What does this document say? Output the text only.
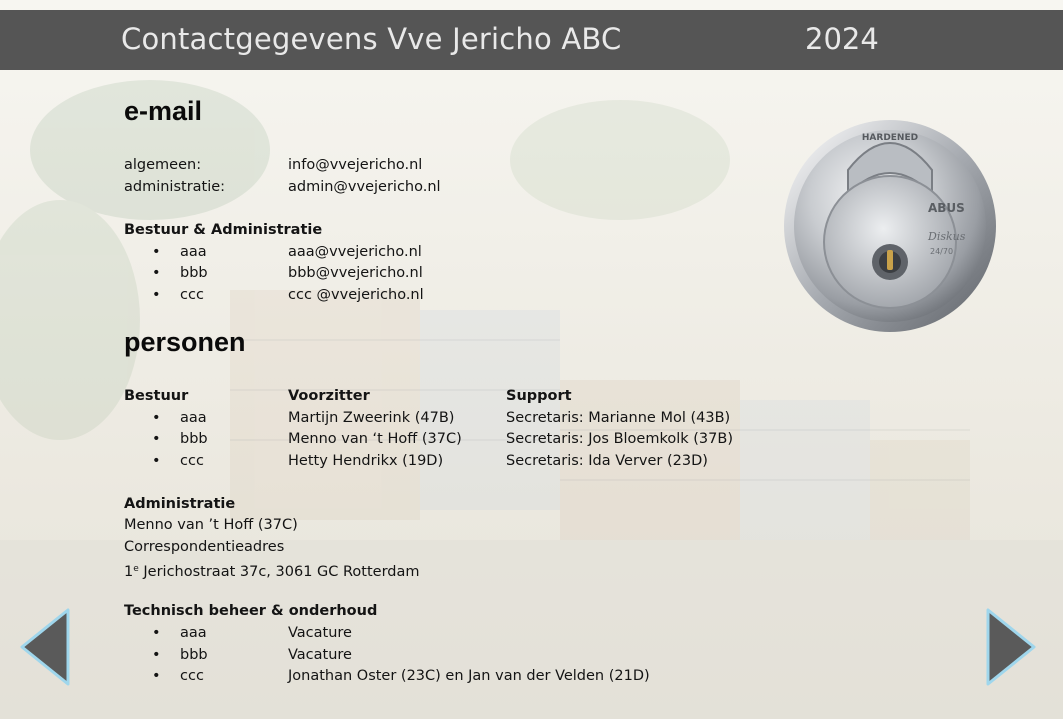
Contactgegevens Vve Jericho ABC	2024
e-mail
algemeen:	info@vvejericho.nl
administratie:	admin@vvejericho.nl
Bestuur & Administratie
• aaa	aaa@vvejericho.nl
• bbb	bbb@vvejericho.nl
• ccc	ccc @vvejericho.nl
personen
Bestuur	Voorzitter	Support
• aaa	Martijn Zweerink (47B)	Secretaris: Marianne Mol (43B)
• bbb	Menno van ‘t Hoff (37C)	Secretaris: Jos Bloemkolk (37B)
• ccc	Hetty Hendrikx (19D)	Secretaris: Ida Verver (23D)
Administratie
Menno van ’t Hoff (37C)
Correspondentieadres
1e Jerichostraat 37c, 3061 GC Rotterdam
Technisch beheer & onderhoud
• aaa	Vacature
• bbb	Vacature
• ccc	Jonathan Oster (23C) en Jan van der Velden (21D)
HARDENED
ABUS
Diskus
24/70
